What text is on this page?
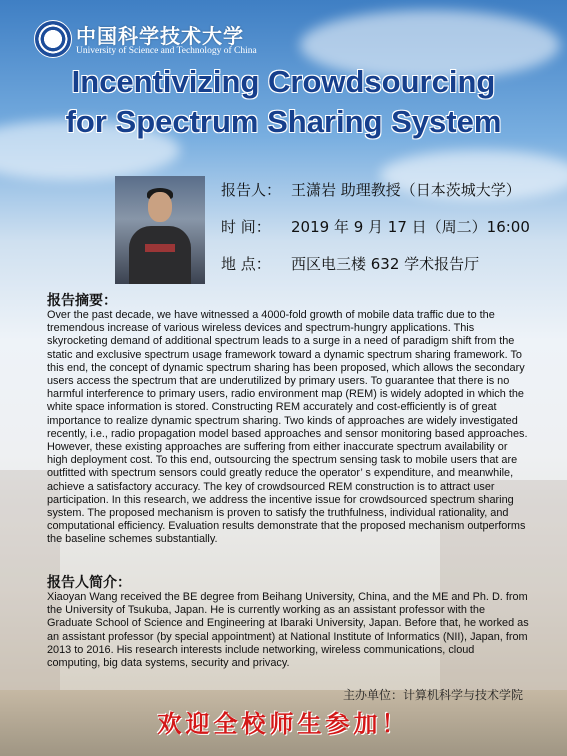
中国科学技术大学
University of Science and Technology of China
Incentivizing Crowdsourcing
for Spectrum Sharing System
报告人： 王潇岩 助理教授（日本茨城大学）
时 间： 2019 年 9 月 17 日（周二）16:00
地 点： 西区电三楼 632 学术报告厅
报告摘要：
Over the past decade, we have witnessed a 4000-fold growth of mobile data traffic due to the tremendous increase of various wireless devices and spectrum-hungry applications. This skyrocketing demand of additional spectrum leads to a surge in a need of paradigm shift from the static and exclusive spectrum usage framework toward a dynamic spectrum sharing framework. To this end, the concept of dynamic spectrum sharing has been proposed, which allows the secondary users access the spectrum that are underutilized by primary users. To guarantee that there is no harmful interference to primary users, radio environment map (REM) is widely adopted in which the white space information is stored. Constructing REM accurately and cost-efficiently is of great importance to realize dynamic spectrum sharing. Two kinds of approaches are widely investigated recently, i.e., radio propagation model based approaches and sensor monitoring based approaches. However, these existing approaches are suffering from either inaccurate spectrum availability or high deployment cost. To this end, outsourcing the spectrum sensing task to mobile users that are outfitted with spectrum sensors could greatly reduce the operator’ s expenditure, and meanwhile, achieve a satisfactory accuracy. The key of crowdsourced REM construction is to attract user participation. In this research, we address the incentive issue for crowdsourced spectrum sharing system. The proposed mechanism is proven to satisfy the truthfulness, individual rationality, and computational efficiency. Evaluation results demonstrate that the proposed mechanism outperforms the baseline schemes substantially.
报告人简介：
Xiaoyan Wang received the BE degree from Beihang University, China, and the ME and Ph. D. from the University of Tsukuba, Japan. He is currently working as an assistant professor with the Graduate School of Science and Engineering at Ibaraki University, Japan. Before that, he worked as an assistant professor (by special appointment) at National Institute of Informatics (NII), Japan, from 2013 to 2016. His research interests include networking, wireless communications, cloud computing, big data systems, security and privacy.
主办单位：计算机科学与技术学院
欢迎全校师生参加！
